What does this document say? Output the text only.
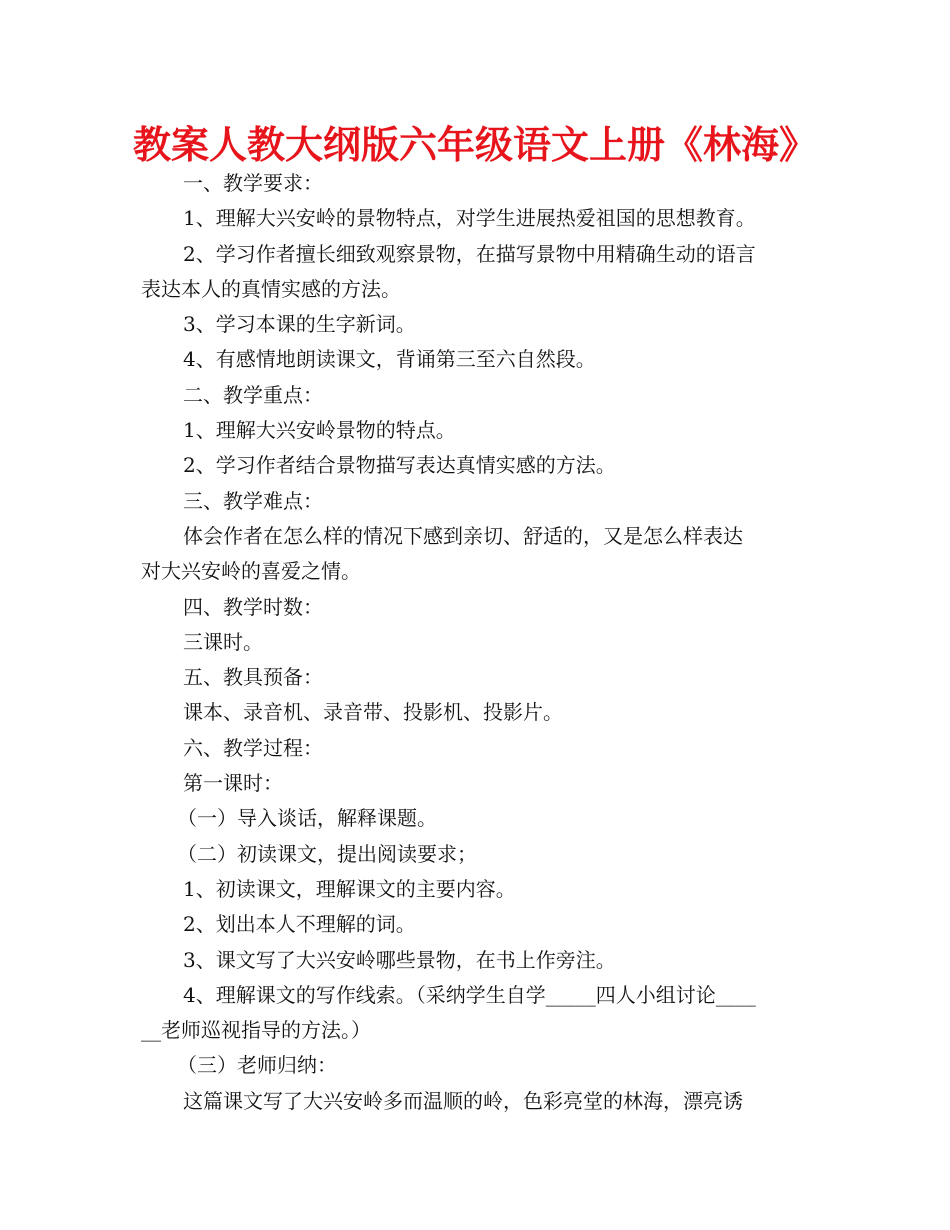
教案人教大纲版六年级语文上册《林海》

一、教学要求：

1、理解大兴安岭的景物特点，对学生进展热爱祖国的思想教育。

2、学习作者擅长细致观察景物，在描写景物中用精确生动的语言

表达本人的真情实感的方法。

3、学习本课的生字新词。

4、有感情地朗读课文，背诵第三至六自然段。

二、教学重点：

1、理解大兴安岭景物的特点。

2、学习作者结合景物描写表达真情实感的方法。

三、教学难点：

体会作者在怎么样的情况下感到亲切、舒适的，又是怎么样表达

对大兴安岭的喜爱之情。

四、教学时数：

三课时。

五、教具预备：

课本、录音机、录音带、投影机、投影片。

六、教学过程：

第一课时：

（一）导入谈话，解释课题。

（二）初读课文，提出阅读要求；

1、初读课文，理解课文的主要内容。

2、划出本人不理解的词。

3、课文写了大兴安岭哪些景物，在书上作旁注。

4、理解课文的写作线索。（采纳学生自学_____四人小组讨论____

__老师巡视指导的方法。）

（三）老师归纳：

这篇课文写了大兴安岭多而温顺的岭，色彩亮堂的林海，漂亮诱
